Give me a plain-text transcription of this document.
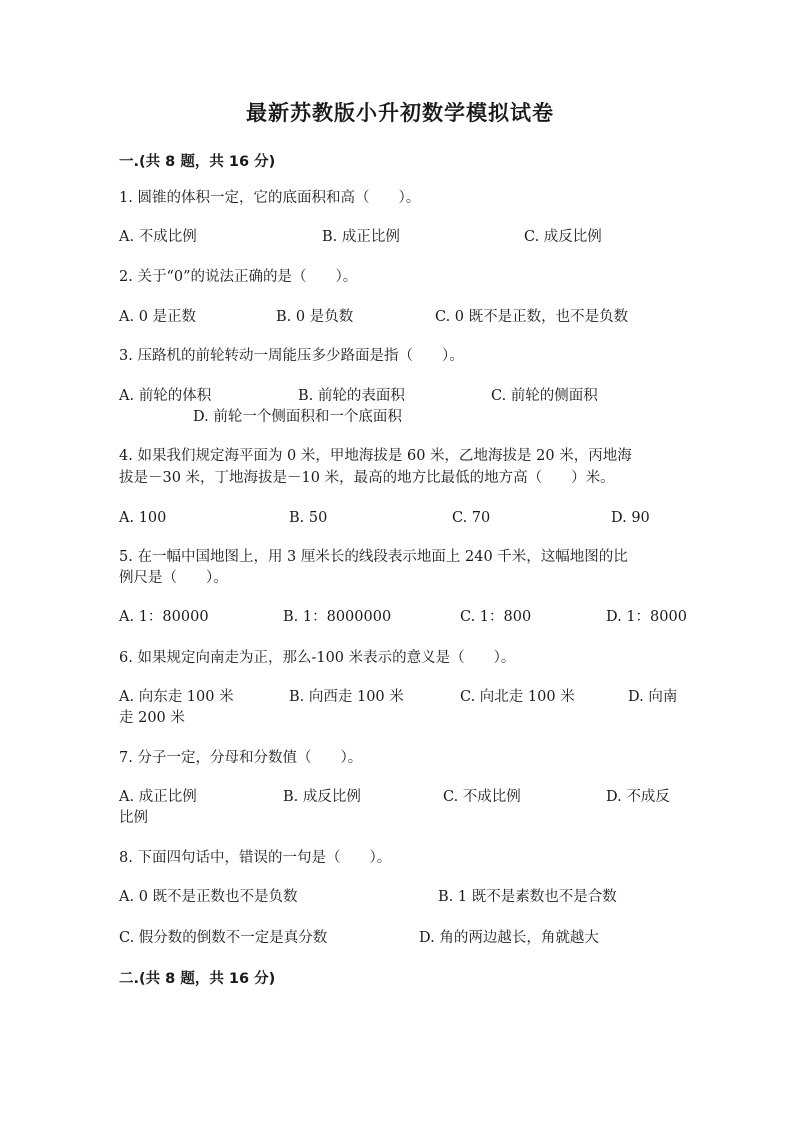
最新苏教版小升初数学模拟试卷
一.(共 8 题，共 16 分)
1. 圆锥的体积一定，它的底面积和高（　　）。
A. 不成比例	B. 成正比例	C. 成反比例
2. 关于“0”的说法正确的是（　　）。
A. 0 是正数	B. 0 是负数	C. 0 既不是正数，也不是负数
3. 压路机的前轮转动一周能压多少路面是指（　　）。
A. 前轮的体积	B. 前轮的表面积	C. 前轮的侧面积
D. 前轮一个侧面积和一个底面积
4. 如果我们规定海平面为 0 米，甲地海拔是 60 米，乙地海拔是 20 米，丙地海
拔是－30 米，丁地海拔是－10 米，最高的地方比最低的地方高（　　）米。
A. 100	B. 50	C. 70	D. 90
5. 在一幅中国地图上，用 3 厘米长的线段表示地面上 240 千米，这幅地图的比
例尺是（　　）。
A. 1：80000	B. 1：8000000	C. 1：800	D. 1：8000
6. 如果规定向南走为正，那么-100 米表示的意义是（　　）。
A. 向东走 100 米	B. 向西走 100 米	C. 向北走 100 米	D. 向南
走 200 米
7. 分子一定，分母和分数值（　　）。
A. 成正比例	B. 成反比例	C. 不成比例	D. 不成反
比例
8. 下面四句话中，错误的一句是（　　）。
A. 0 既不是正数也不是负数	B. 1 既不是素数也不是合数
C. 假分数的倒数不一定是真分数	D. 角的两边越长，角就越大
二.(共 8 题，共 16 分)
